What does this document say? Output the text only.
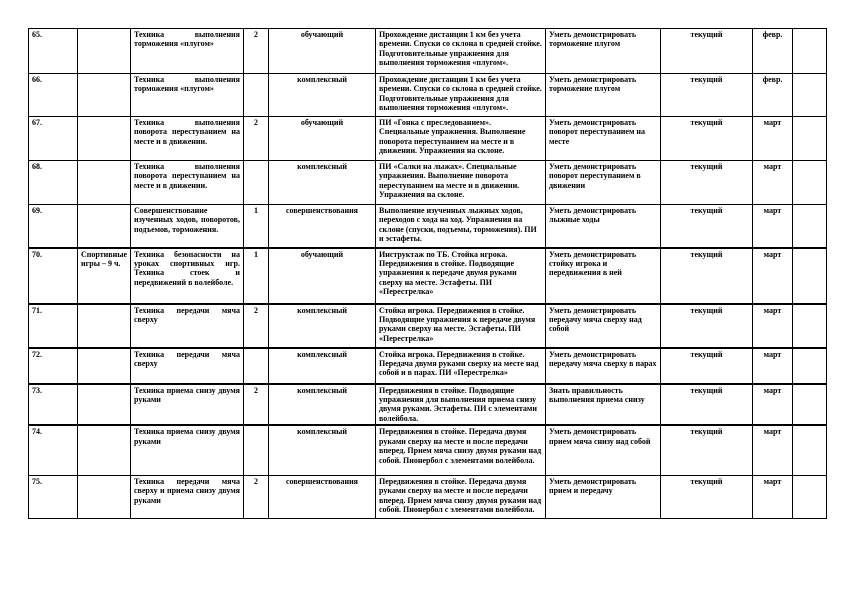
65.		Техника выполнения торможения «плугом»	2	обучающий	Прохождение дистанции 1 км без учета времени. Спуски со склона в средней стойке. Подготовительные упражнения для выполнения торможения «плугом».	Уметь демонстрировать торможение плугом	текущий	февр.	
66.		Техника выполнения торможения «плугом»		комплексный	Прохождение дистанции 1 км без учета времени. Спуски со склона в средней стойке. Подготовительные упражнения для выполнения торможения «плугом».	Уметь демонстрировать торможение плугом	текущий	февр.	
67.		Техника выполнения поворота переступанием на месте и в движении.	2	обучающий	ПИ «Гонка с преследованием». Специальные упражнения. Выполнение поворота переступанием на месте и в движении. Упражнения на склоне.	Уметь демонстрировать поворот переступанием на месте	текущий	март	
68.		Техника выполнения поворота переступанием на месте и в движении.		комплексный	ПИ «Салки на лыжах». Специальные упражнения. Выполнение поворота переступанием на месте и в движении. Упражнения на склоне.	Уметь демонстрировать поворот переступанием в движении	текущий	март	
69.		Совершенствование изученных ходов, поворотов, подъемов, торможения.	1	совершенствования	Выполнение изученных лыжных ходов, переходов с хода на ход. Упражнения на склоне (спуски, подъемы, торможения). ПИ и эстафеты.	Уметь демонстрировать лыжные ходы	текущий	март	
70.	Спортивные игры – 9 ч.	Техника безопасности на уроках спортивных игр. Техника стоек и передвижений в волейболе.	1	обучающий	Инструктаж по ТБ. Стойка игрока. Передвижения в стойке. Подводящие упражнения к передаче двумя руками сверху на месте. Эстафеты. ПИ «Перестрелка»	Уметь демонстрировать стойку игрока и передвижения в ней	текущий	март	
71.		Техника передачи мяча сверху	2	комплексный	Стойка игрока. Передвижения в стойке. Подводящие упражнения к передаче двумя руками сверху на месте. Эстафеты. ПИ «Перестрелка»	Уметь демонстрировать передачу мяча сверху над собой	текущий	март	
72.		Техника передачи мяча сверху		комплексный	Стойка игрока. Передвижения в стойке. Передача двумя руками сверху на месте над собой и в парах. ПИ «Перестрелка»	Уметь демонстрировать передачу мяча сверху в парах	текущий	март	
73.		Техника приема снизу двумя руками	2	комплексный	Передвижения в стойке. Подводящие упражнения для выполнения приема снизу двумя руками. Эстафеты. ПИ с элементами волейбола.	Знать правильность выполнения приема снизу	текущий	март	
74.		Техника приема снизу двумя руками		комплексный	Передвижения в стойке. Передача двумя руками сверху на месте и после передачи вперед. Прием мяча снизу двумя руками над собой. Пионербол с элементами волейбола.	Уметь демонстрировать прием мяча снизу над собой	текущий	март	
75.		Техника передачи мяча сверху и приема снизу двумя руками	2	совершенствования	Передвижения в стойке. Передача двумя руками сверху на месте и после передачи вперед. Прием мяча снизу двумя руками над собой. Пионербол с элементами волейбола.	Уметь демонстрировать прием и передачу	текущий	март	
